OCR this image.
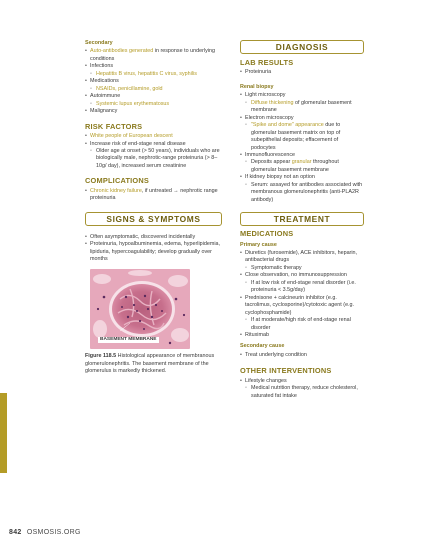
Secondary
• Auto-antibodies generated in response to underlying conditions
• Infections
◦ Hepatitis B virus, hepatitis C virus, syphilis
• Medications
◦ NSAIDs, penicillamine, gold
• Autoimmune
◦ Systemic lupus erythematosus
• Malignancy
RISK FACTORS
• White people of European descent
• Increase risk of end-stage renal disease
◦ Older age at onset (> 50 years), individuals who are biologically male, nephrotic-range proteinuria (> 8–10g/ day), increased serum creatinine
COMPLICATIONS
• Chronic kidney failure, if untreated → nephrotic range proteinuria
SIGNS & SYMPTOMS
• Often asymptomatic, discovered incidentally
• Proteinuria, hypoalbuminemia, edema, hyperlipidemia, lipiduria, hypercoagulability; develop gradually over months
BASEMENT MEMBRANE
Figure 118.5 Histological appearance of membranous glomerulonephritis. The basement membrane of the glomerulus is markedly thickened.
DIAGNOSIS
LAB RESULTS
• Proteinuria
Renal biopsy
• Light microscopy
◦ Diffuse thickening of glomerular basement membrane
• Electron microscopy
◦ "Spike and dome" appearance due to glomerular basement matrix on top of subepithelial deposits; effacement of podocytes
• Immunofluorescence
◦ Deposits appear granular throughout glomerular basement membrane
• If kidney biopsy not an option
◦ Serum: assayed for antibodies associated with membranous glomerulonephritis (anti-PLA2R antibody)
TREATMENT
MEDICATIONS
Primary cause
• Diuretics (furosemide), ACE inhibitors, heparin, antibacterial drugs
◦ Symptomatic therapy
• Close observation, no immunosuppression
◦ If at low risk of end-stage renal disorder (i.e. proteinuria < 3.5g/day)
• Prednisone + calcineurin inhibitor (e.g. tacrolimus, cyclosporine)/cytotoxic agent (e.g. cyclophosphamide)
◦ If at moderate/high risk of end-stage renal disorder
• Rituximab
Secondary cause
• Treat underlying condition
OTHER INTERVENTIONS
• Lifestyle changes
◦ Medical nutrition therapy, reduce cholesterol, saturated fat intake
842 OSMOSIS.ORG
